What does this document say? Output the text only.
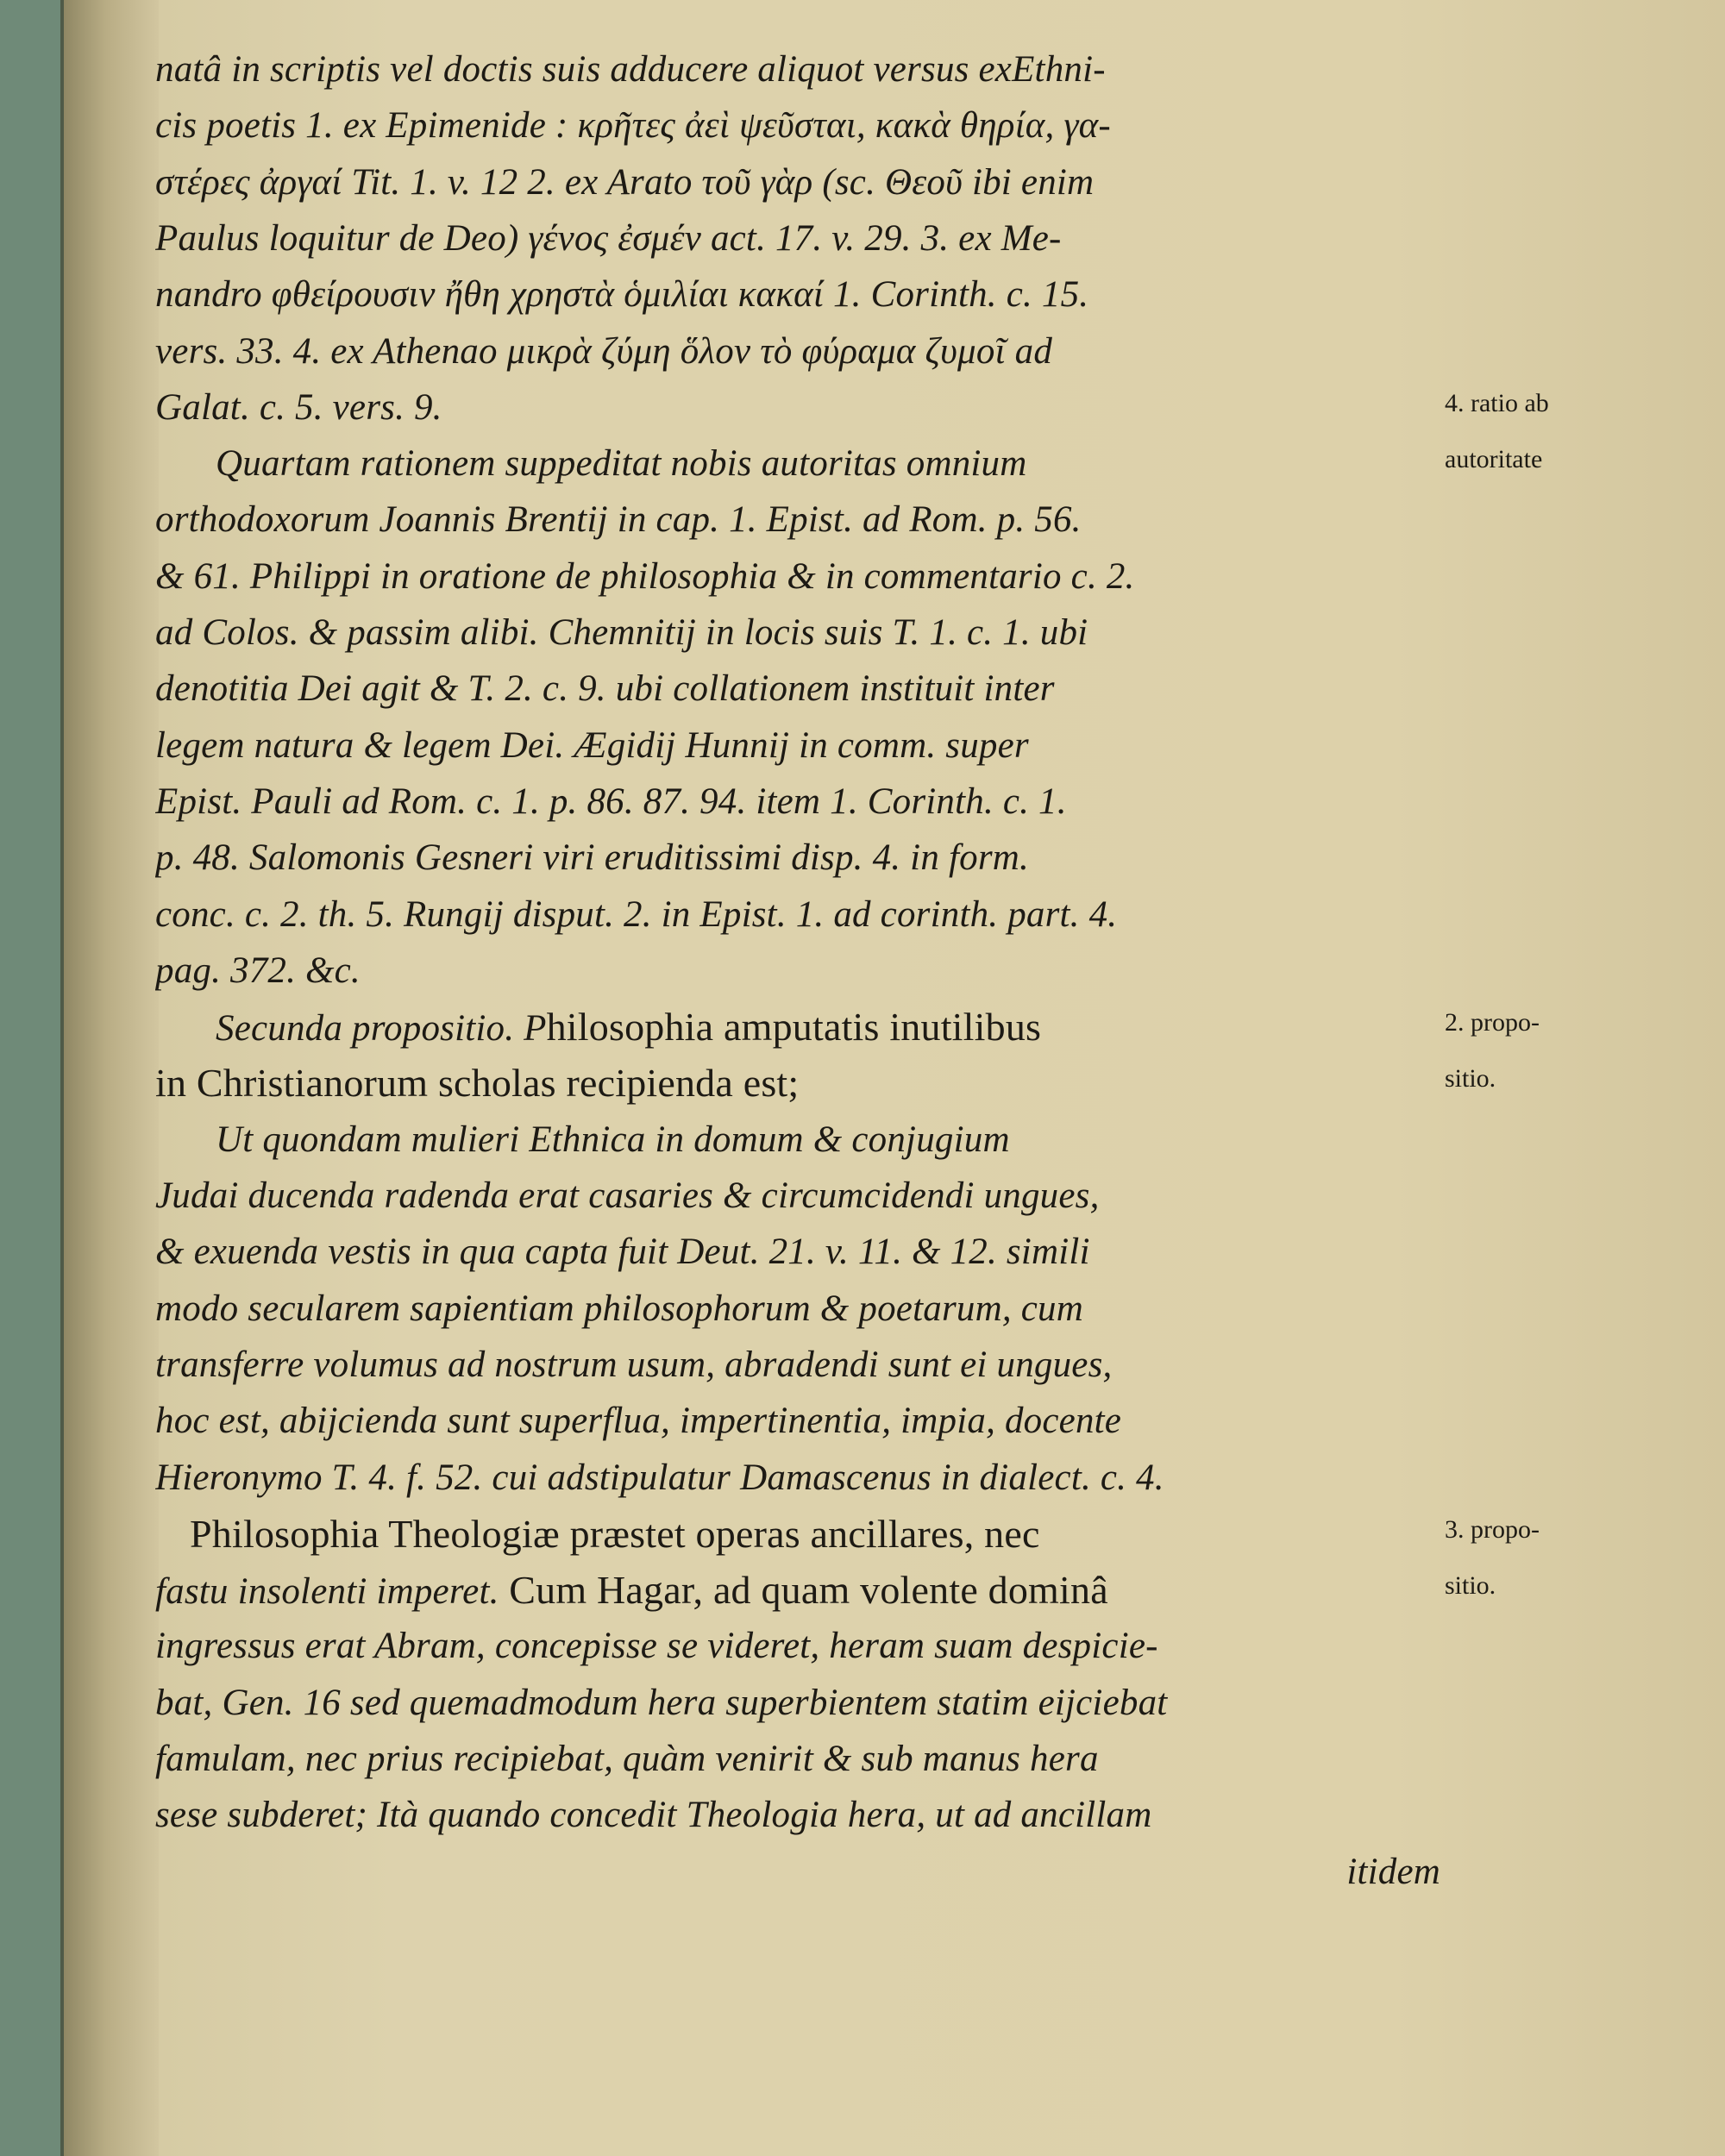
natâ in scriptis vel doctis suis adducere aliquot versus exEthni-
cis poetis 1. ex Epimenide : κρῆτες ἀεὶ ψεῦσται, κακὰ θηρία, γα-
στέρες ἀργαί Tit. 1. v. 12 2. ex Arato τοῦ γὰρ (sc. Θεοῦ ibi enim
Paulus loquitur de Deo) γένος ἐσμέν act. 17. v. 29. 3. ex Me-
nandro φθείρουσιν ἤθη χρηστὰ ὁμιλίαι κακαί 1. Corinth. c. 15.
vers. 33. 4. ex Athenao μικρὰ ζύμη ὅλον τὸ φύραμα ζυμοῖ ad
Galat. c. 5. vers. 9.
Quartam rationem suppeditat nobis autoritas omnium
orthodoxorum Joannis Brentij in cap. 1. Epist. ad Rom. p. 56.
& 61. Philippi in oratione de philosophia & in commentario c. 2.
ad Colos. & passim alibi. Chemnitij in locis suis T. 1. c. 1. ubi
denotitia Dei agit & T. 2. c. 9. ubi collationem instituit inter
legem natura & legem Dei. Ægidij Hunnij in comm. super
Epist. Pauli ad Rom. c. 1. p. 86. 87. 94. item 1. Corinth. c. 1.
p. 48. Salomonis Gesneri viri eruditissimi disp. 4. in form.
conc. c. 2. th. 5. Rungij disput. 2. in Epist. 1. ad corinth. part. 4.
pag. 372. &c.
Secunda propositio. Philosophia amputatis inutilibus
in Christianorum scholas recipienda est;
Ut quondam mulieri Ethnica in domum & conjugium
Judai ducenda radenda erat casaries & circumcidendi ungues,
& exuenda vestis in qua capta fuit Deut. 21. v. 11. & 12. simili
modo secularem sapientiam philosophorum & poetarum, cum
transferre volumus ad nostrum usum, abradendi sunt ei ungues,
hoc est, abijcienda sunt superflua, impertinentia, impia, docente
Hieronymo T. 4. f. 52. cui adstipulatur Damascenus in dialect. c. 4.
Philosophia Theologiæ præstet operas ancillares, nec
fastu insolenti imperet. Cum Hagar, ad quam volente dominâ
ingressus erat Abram, concepisse se videret, heram suam despicie-
bat, Gen. 16 sed quemadmodum hera superbientem statim eijciebat
famulam, nec prius recipiebat, quàm venirit & sub manus hera
sese subderet; Ità quando concedit Theologia hera, ut ad ancillam
itidem
4. ratio ab
autoritate
2. propo-
sitio.
3. propo-
sitio.
